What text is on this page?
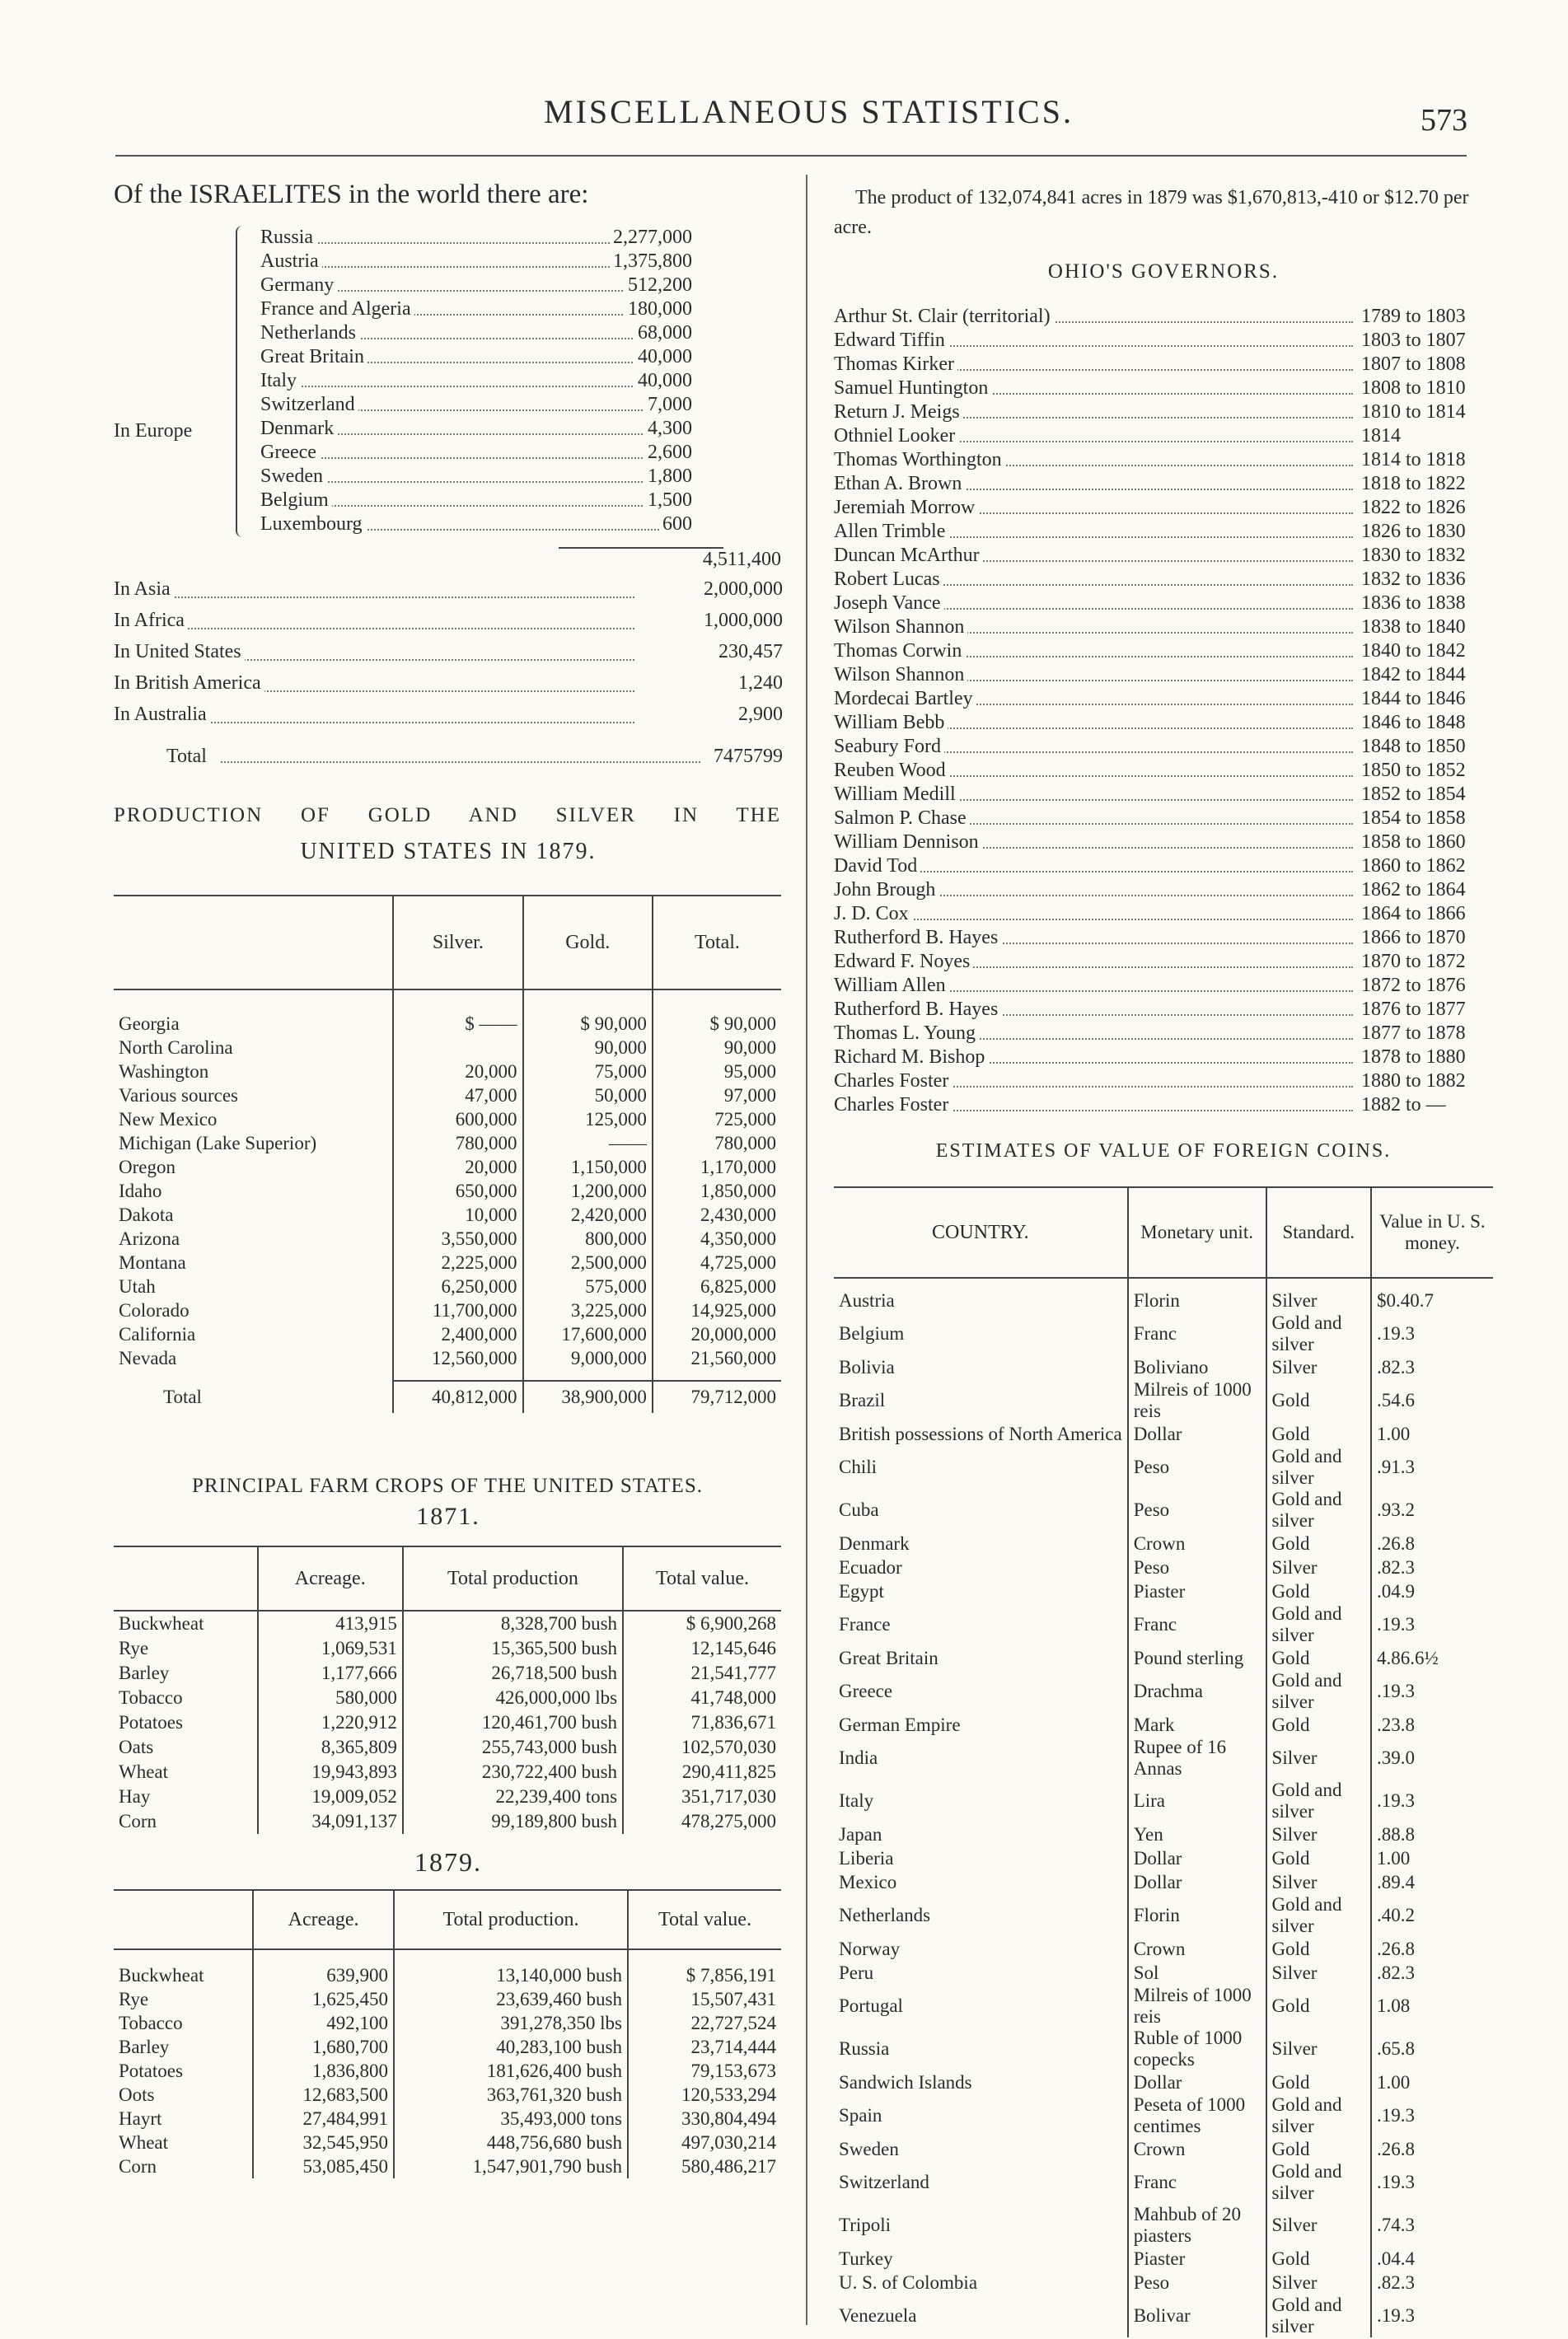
MISCELLANEOUS STATISTICS.	573
Of the ISRAELITES in the world there are:
Russia	2,277,000
Austria	1,375,800
Germany	512,200
France and Algeria	180,000
Netherlands	68,000
Great Britain	40,000
Italy	40,000
Switzerland	7,000
Denmark	4,300
Greece	2,600
Sweden	1,800
Belgium	1,500
Luxembourg	600
In Europe
4,511,400
In Asia	2,000,000
In Africa	1,000,000
In United States	230,457
In British America	1,240
In Australia	2,900
Total	7475799
PRODUCTION OF GOLD AND SILVER IN THE
UNITED STATES IN 1879.
	Silver.	Gold.	Total.

Georgia	$ ——	$ 90,000	$ 90,000
North Carolina		90,000	90,000
Washington	20,000	75,000	95,000
Various sources	47,000	50,000	97,000
New Mexico	600,000	125,000	725,000
Michigan (Lake Superior)	780,000	——	780,000
Oregon	20,000	1,150,000	1,170,000
Idaho	650,000	1,200,000	1,850,000
Dakota	10,000	2,420,000	2,430,000
Arizona	3,550,000	800,000	4,350,000
Montana	2,225,000	2,500,000	4,725,000
Utah	6,250,000	575,000	6,825,000
Colorado	11,700,000	3,225,000	14,925,000
California	2,400,000	17,600,000	20,000,000
Nevada	12,560,000	9,000,000	21,560,000

Total	40,812,000	38,900,000	79,712,000
PRINCIPAL FARM CROPS OF THE UNITED STATES.
1871.
	Acreage.	Total production	Total value.
Buckwheat	413,915	8,328,700 bush	$ 6,900,268
Rye	1,069,531	15,365,500 bush	12,145,646
Barley	1,177,666	26,718,500 bush	21,541,777
Tobacco	580,000	426,000,000 lbs	41,748,000
Potatoes	1,220,912	120,461,700 bush	71,836,671
Oats	8,365,809	255,743,000 bush	102,570,030
Wheat	19,943,893	230,722,400 bush	290,411,825
Hay	19,009,052	22,239,400 tons	351,717,030
Corn	34,091,137	99,189,800 bush	478,275,000
1879.
	Acreage.	Total production.	Total value.

Buckwheat	639,900	13,140,000 bush	$ 7,856,191
Rye	1,625,450	23,639,460 bush	15,507,431
Tobacco	492,100	391,278,350 lbs	22,727,524
Barley	1,680,700	40,283,100 bush	23,714,444
Potatoes	1,836,800	181,626,400 bush	79,153,673
Oots	12,683,500	363,761,320 bush	120,533,294
Hayrt	27,484,991	35,493,000 tons	330,804,494
Wheat	32,545,950	448,756,680 bush	497,030,214
Corn	53,085,450	1,547,901,790 bush	580,486,217
The product of 132,074,841 acres in 1879 was $1,670,813,-410 or $12.70 per acre.
OHIO'S GOVERNORS.
Arthur St. Clair (territorial)	1789 to 1803
Edward Tiffin	1803 to 1807
Thomas Kirker	1807 to 1808
Samuel Huntington	1808 to 1810
Return J. Meigs	1810 to 1814
Othniel Looker	1814
Thomas Worthington	1814 to 1818
Ethan A. Brown	1818 to 1822
Jeremiah Morrow	1822 to 1826
Allen Trimble	1826 to 1830
Duncan McArthur	1830 to 1832
Robert Lucas	1832 to 1836
Joseph Vance	1836 to 1838
Wilson Shannon	1838 to 1840
Thomas Corwin	1840 to 1842
Wilson Shannon	1842 to 1844
Mordecai Bartley	1844 to 1846
William Bebb	1846 to 1848
Seabury Ford	1848 to 1850
Reuben Wood	1850 to 1852
William Medill	1852 to 1854
Salmon P. Chase	1854 to 1858
William Dennison	1858 to 1860
David Tod	1860 to 1862
John Brough	1862 to 1864
J. D. Cox	1864 to 1866
Rutherford B. Hayes	1866 to 1870
Edward F. Noyes	1870 to 1872
William Allen	1872 to 1876
Rutherford B. Hayes	1876 to 1877
Thomas L. Young	1877 to 1878
Richard M. Bishop	1878 to 1880
Charles Foster	1880 to 1882
Charles Foster	1882 to —
ESTIMATES OF VALUE OF FOREIGN COINS.
COUNTRY.	Monetary unit.	Standard.	Value in U. S. money.

Austria	Florin	Silver	$0.40.7
Belgium	Franc	Gold and silver	.19.3
Bolivia	Boliviano	Silver	.82.3
Brazil	Milreis of 1000 reis	Gold	.54.6
British possessions of North America	Dollar	Gold	1.00
Chili	Peso	Gold and silver	.91.3
Cuba	Peso	Gold and silver	.93.2
Denmark	Crown	Gold	.26.8
Ecuador	Peso	Silver	.82.3
Egypt	Piaster	Gold	.04.9
France	Franc	Gold and silver	.19.3
Great Britain	Pound sterling	Gold	4.86.6½
Greece	Drachma	Gold and silver	.19.3
German Empire	Mark	Gold	.23.8
India	Rupee of 16 Annas	Silver	.39.0
Italy	Lira	Gold and silver	.19.3
Japan	Yen	Silver	.88.8
Liberia	Dollar	Gold	1.00
Mexico	Dollar	Silver	.89.4
Netherlands	Florin	Gold and silver	.40.2
Norway	Crown	Gold	.26.8
Peru	Sol	Silver	.82.3
Portugal	Milreis of 1000 reis	Gold	1.08
Russia	Ruble of 1000 copecks	Silver	.65.8
Sandwich Islands	Dollar	Gold	1.00
Spain	Peseta of 1000 centimes	Gold and silver	.19.3
Sweden	Crown	Gold	.26.8
Switzerland	Franc	Gold and silver	.19.3
Tripoli	Mahbub of 20 piasters	Silver	.74.3
Turkey	Piaster	Gold	.04.4
U. S. of Colombia	Peso	Silver	.82.3
Venezuela	Bolivar	Gold and silver	.19.3
